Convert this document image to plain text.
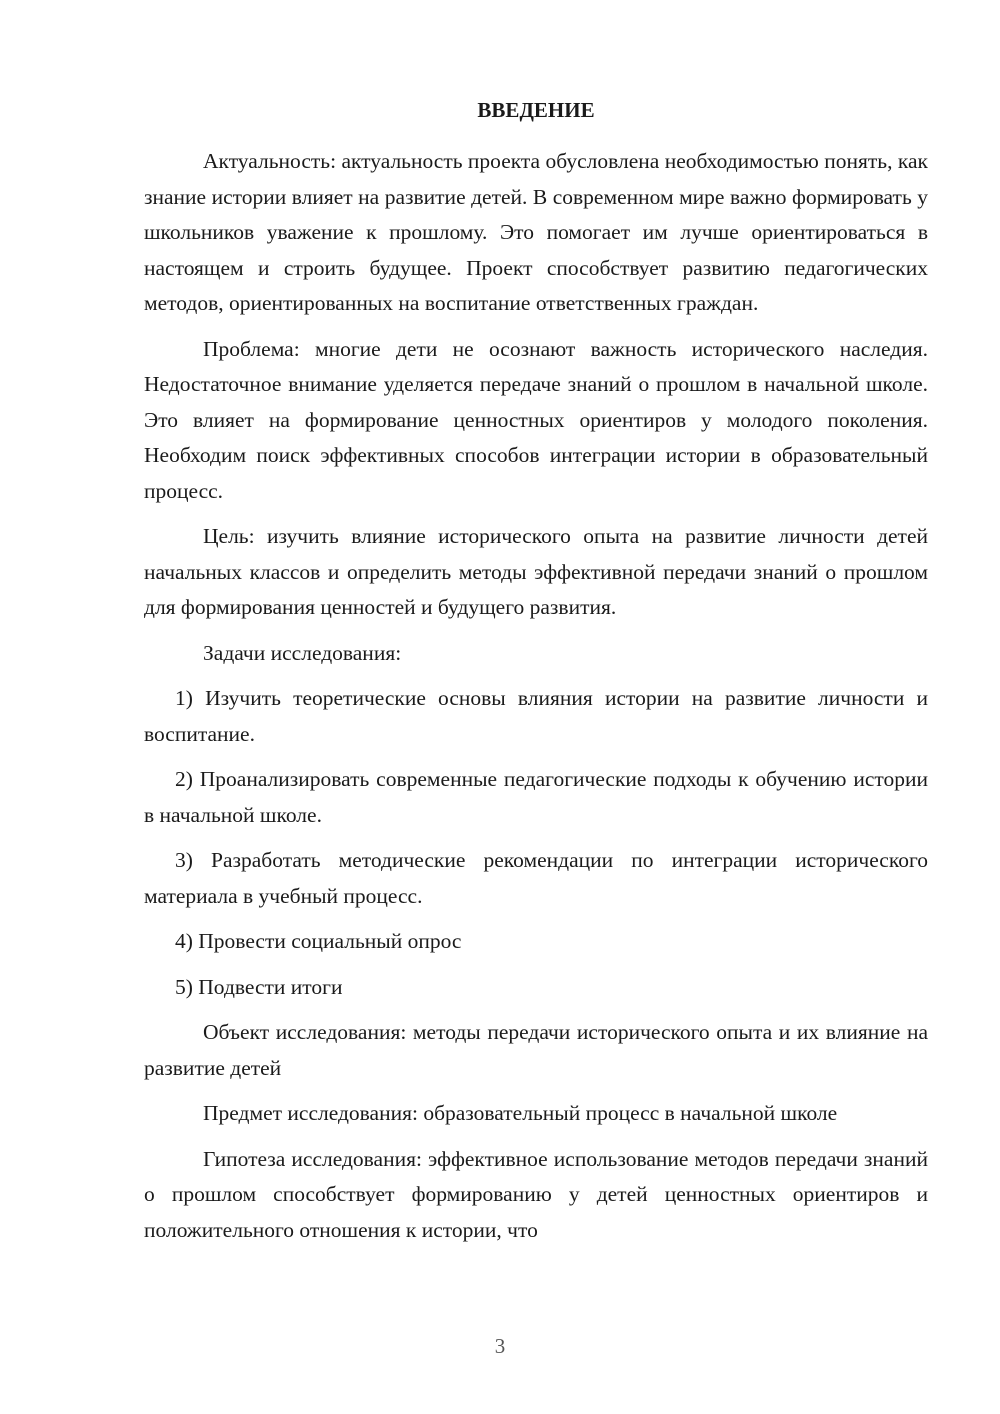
ВВЕДЕНИЕ

Актуальность: актуальность проекта обусловлена необходимостью понять, как знание истории влияет на развитие детей. В современном мире важно формировать у школьников уважение к прошлому. Это помогает им лучше ориентироваться в настоящем и строить будущее. Проект способствует развитию педагогических методов, ориентированных на воспитание ответственных граждан.

Проблема: многие дети не осознают важность исторического наследия. Недостаточное внимание уделяется передаче знаний о прошлом в начальной школе. Это влияет на формирование ценностных ориентиров у молодого поколения. Необходим поиск эффективных способов интеграции истории в образовательный процесс.

Цель: изучить влияние исторического опыта на развитие личности детей начальных классов и определить методы эффективной передачи знаний о прошлом для формирования ценностей и будущего развития.

Задачи исследования:

1) Изучить теоретические основы влияния истории на развитие личности и воспитание.

2) Проанализировать современные педагогические подходы к обучению истории в начальной школе.

3) Разработать методические рекомендации по интеграции исторического материала в учебный процесс.

4) Провести социальный опрос

5) Подвести итоги

Объект исследования: методы передачи исторического опыта и их влияние на развитие детей

Предмет исследования: образовательный процесс в начальной школе

Гипотеза исследования: эффективное использование методов передачи знаний о прошлом способствует формированию у детей ценностных ориентиров и положительного отношения к истории, что

3
